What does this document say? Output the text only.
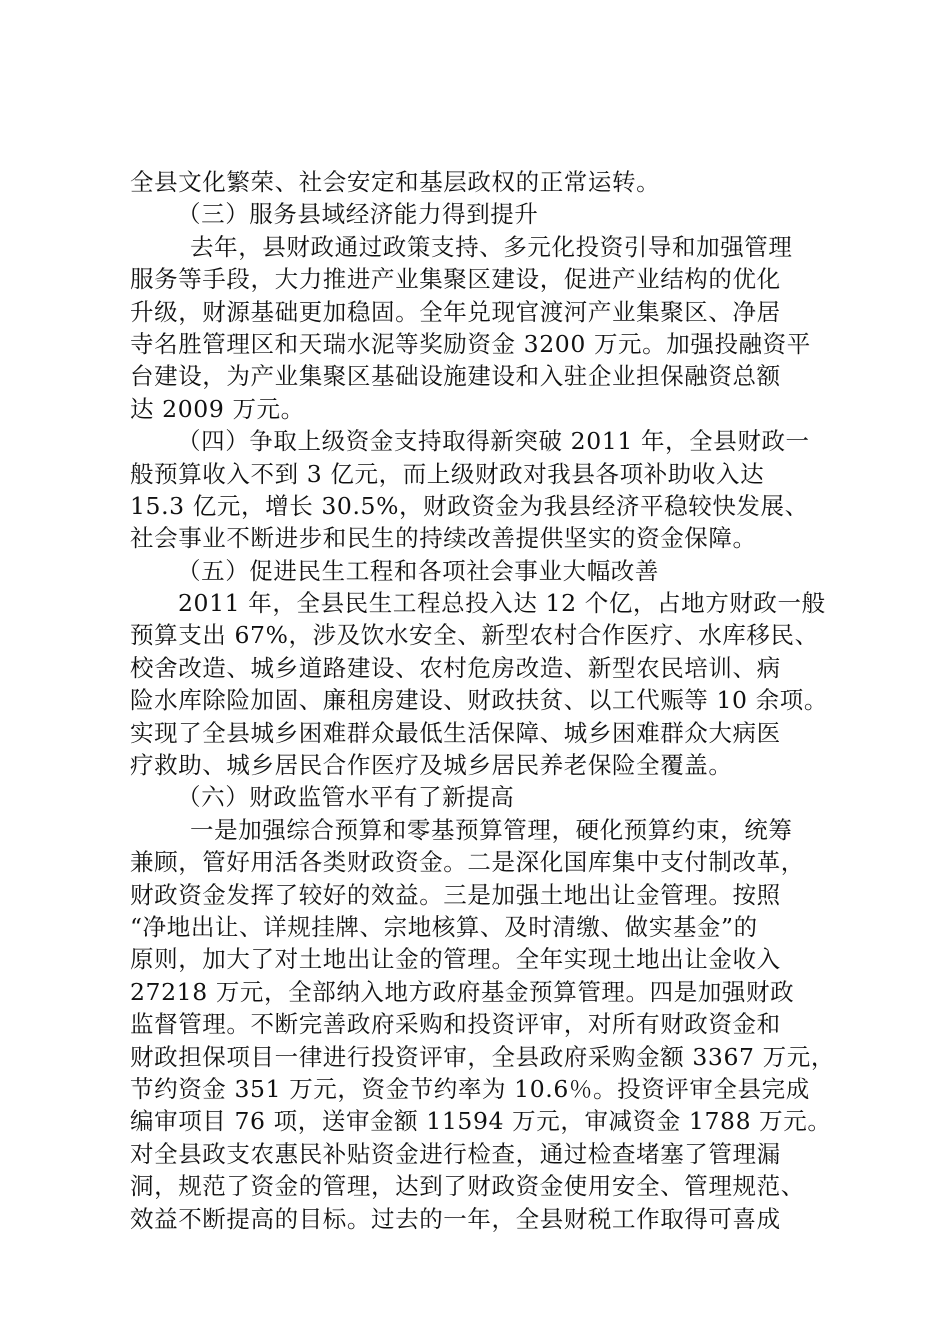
全县文化繁荣、社会安定和基层政权的正常运转。
（三）服务县域经济能力得到提升
去年，县财政通过政策支持、多元化投资引导和加强管理
服务等手段，大力推进产业集聚区建设，促进产业结构的优化
升级，财源基础更加稳固。全年兑现官渡河产业集聚区、净居
寺名胜管理区和天瑞水泥等奖励资金 3200 万元。加强投融资平
台建设，为产业集聚区基础设施建设和入驻企业担保融资总额
达 2009 万元。
（四）争取上级资金支持取得新突破 2011 年，全县财政一
般预算收入不到 3 亿元，而上级财政对我县各项补助收入达
15.3 亿元，增长 30.5%，财政资金为我县经济平稳较快发展、
社会事业不断进步和民生的持续改善提供坚实的资金保障。
（五）促进民生工程和各项社会事业大幅改善
2011 年，全县民生工程总投入达 12 个亿，占地方财政一般
预算支出 67%，涉及饮水安全、新型农村合作医疗、水库移民、
校舍改造、城乡道路建设、农村危房改造、新型农民培训、病
险水库除险加固、廉租房建设、财政扶贫、以工代赈等 10 余项。
实现了全县城乡困难群众最低生活保障、城乡困难群众大病医
疗救助、城乡居民合作医疗及城乡居民养老保险全覆盖。
（六）财政监管水平有了新提高
一是加强综合预算和零基预算管理，硬化预算约束，统筹
兼顾，管好用活各类财政资金。二是深化国库集中支付制改革，
财政资金发挥了较好的效益。三是加强土地出让金管理。按照
“净地出让、详规挂牌、宗地核算、及时清缴、做实基金”的
原则，加大了对土地出让金的管理。全年实现土地出让金收入
27218 万元，全部纳入地方政府基金预算管理。四是加强财政
监督管理。不断完善政府采购和投资评审，对所有财政资金和
财政担保项目一律进行投资评审，全县政府采购金额 3367 万元，
节约资金 351 万元，资金节约率为 10.6％。投资评审全县完成
编审项目 76 项，送审金额 11594 万元，审减资金 1788 万元。
对全县政支农惠民补贴资金进行检查，通过检查堵塞了管理漏
洞，规范了资金的管理，达到了财政资金使用安全、管理规范、
效益不断提高的目标。过去的一年，全县财税工作取得可喜成
